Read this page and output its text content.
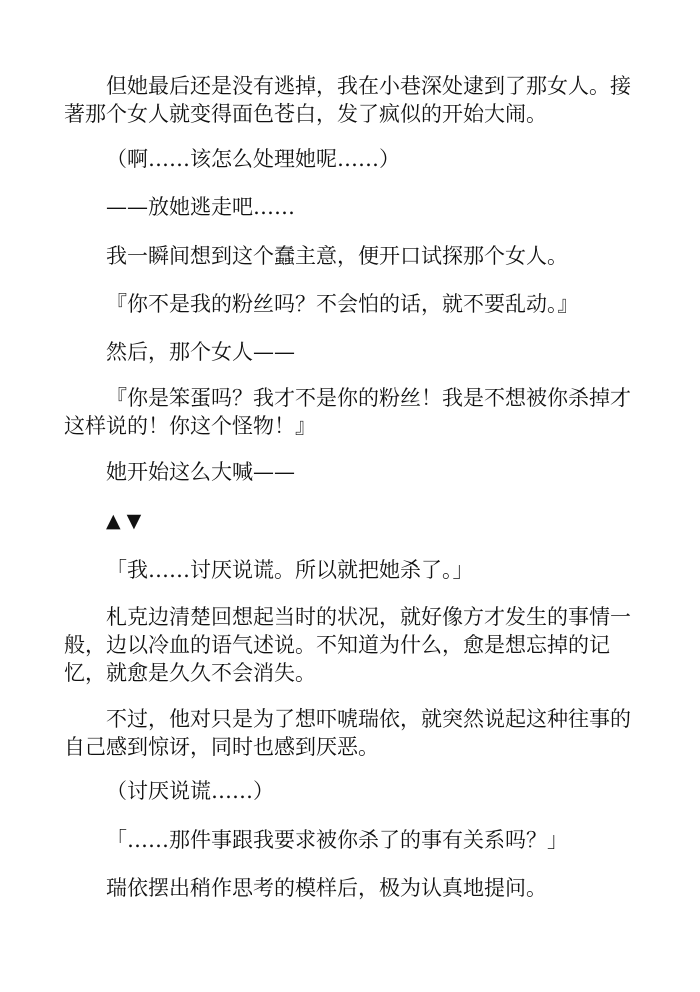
但她最后还是没有逃掉，我在小巷深处逮到了那女人。接著那个女人就变得面色苍白，发了疯似的开始大闹。

（啊……该怎么处理她呢……）

——放她逃走吧……

我一瞬间想到这个蠢主意，便开口试探那个女人。

『你不是我的粉丝吗？不会怕的话，就不要乱动。』

然后，那个女人——

『你是笨蛋吗？我才不是你的粉丝！我是不想被你杀掉才这样说的！你这个怪物！』

她开始这么大喊——

▲▼

「我……讨厌说谎。所以就把她杀了。」

札克边清楚回想起当时的状况，就好像方才发生的事情一般，边以冷血的语气述说。不知道为什么，愈是想忘掉的记忆，就愈是久久不会消失。

不过，他对只是为了想吓唬瑞依，就突然说起这种往事的自己感到惊讶，同时也感到厌恶。

（讨厌说谎……）

「……那件事跟我要求被你杀了的事有关系吗？」

瑞依摆出稍作思考的模样后，极为认真地提问。
